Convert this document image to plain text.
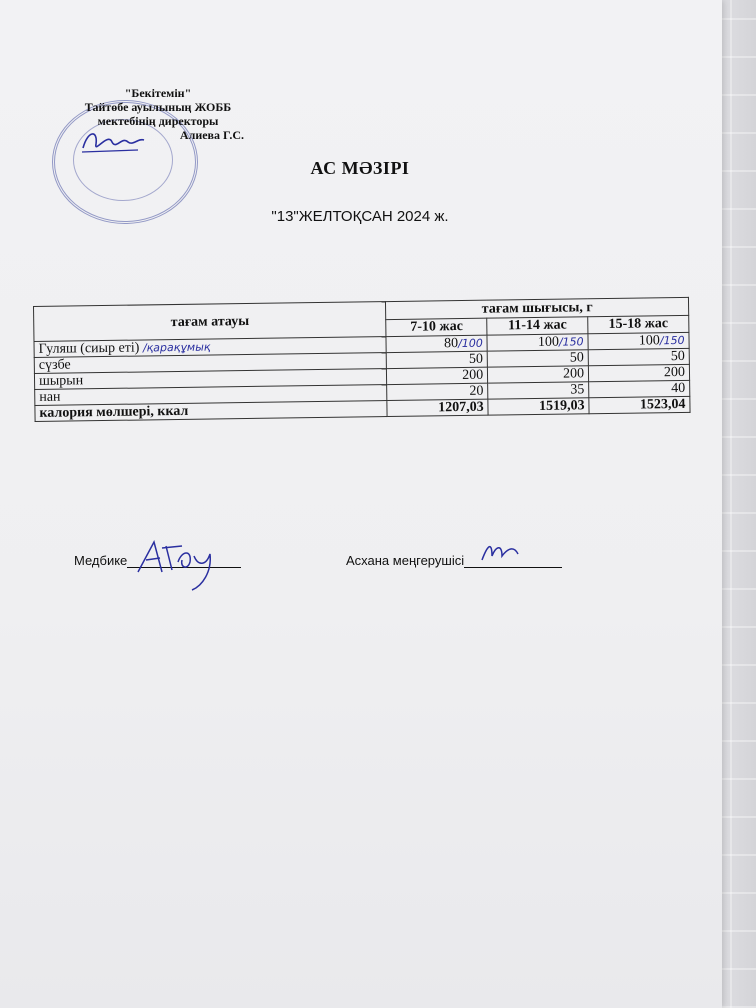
"Бекітемін"
Тайтөбе ауылының ЖОББ
мектебінің директоры
Алиева Г.С.
АС МӘЗІРІ
"13"ЖЕЛТОҚСАН 2024 ж.
тағам атауы	тағам шығысы, г		
	7-10 жас	11-14 жас	15-18 жас
Гуляш (сиыр еті) /қарақұмық	80/100	100/150	100/150
сүзбе	50	50	50
шырын	200	200	200
нан	20	35	40
калория мөлшері, ккал	1207,03	1519,03	1523,04
Медбике	Асхана меңгерушісі
